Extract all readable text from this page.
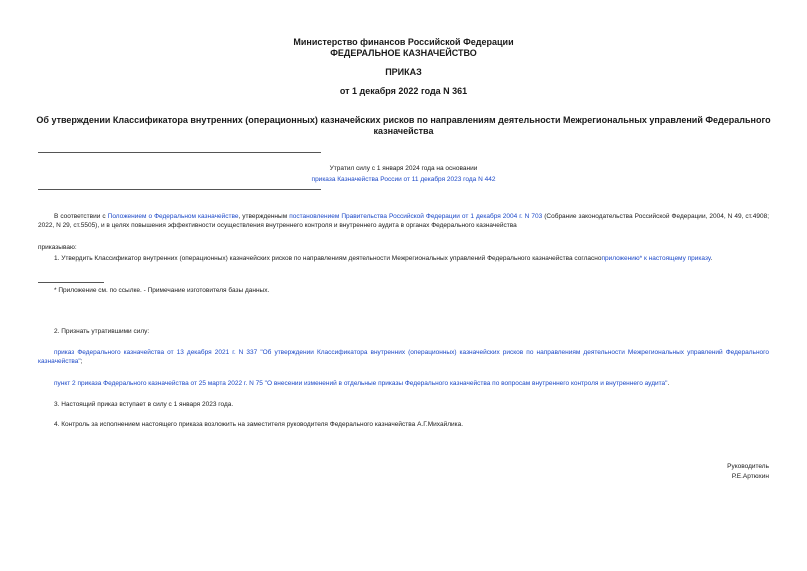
Министерство финансов Российской Федерации
ФЕДЕРАЛЬНОЕ КАЗНАЧЕЙСТВО
ПРИКАЗ
от 1 декабря 2022 года N 361
Об утверждении Классификатора внутренних (операционных) казначейских рисков по направлениям деятельности Межрегиональных управлений Федерального казначейства
Утратил силу с 1 января 2024 года на основании
приказа Казначейства России от 11 декабря 2023 года N 442
В соответствии с Положением о Федеральном казначействе, утвержденным постановлением Правительства Российской Федерации от 1 декабря 2004 г. N 703 (Собрание законодательства Российской Федерации, 2004, N 49, ст.4908; 2022, N 29, ст.5505), и в целях повышения эффективности осуществления внутреннего контроля и внутреннего аудита в органах Федерального казначейства
приказываю:
1. Утвердить Классификатор внутренних (операционных) казначейских рисков по направлениям деятельности Межрегиональных управлений Федерального казначейства согласноприложению* к настоящему приказу.
* Приложение см. по ссылке. - Примечание изготовителя базы данных.
2. Признать утратившими силу:
приказ Федерального казначейства от 13 декабря 2021 г. N 337 "Об утверждении Классификатора внутренних (операционных) казначейских рисков по направлениям деятельности Межрегиональных управлений Федерального казначейства";
пункт 2 приказа Федерального казначейства от 25 марта 2022 г. N 75 "О внесении изменений в отдельные приказы Федерального казначейства по вопросам внутреннего контроля и внутреннего аудита".
3. Настоящий приказ вступает в силу с 1 января 2023 года.
4. Контроль за исполнением настоящего приказа возложить на заместителя руководителя Федерального казначейства А.Г.Михайлика.
Руководитель
Р.Е.Артюхин
